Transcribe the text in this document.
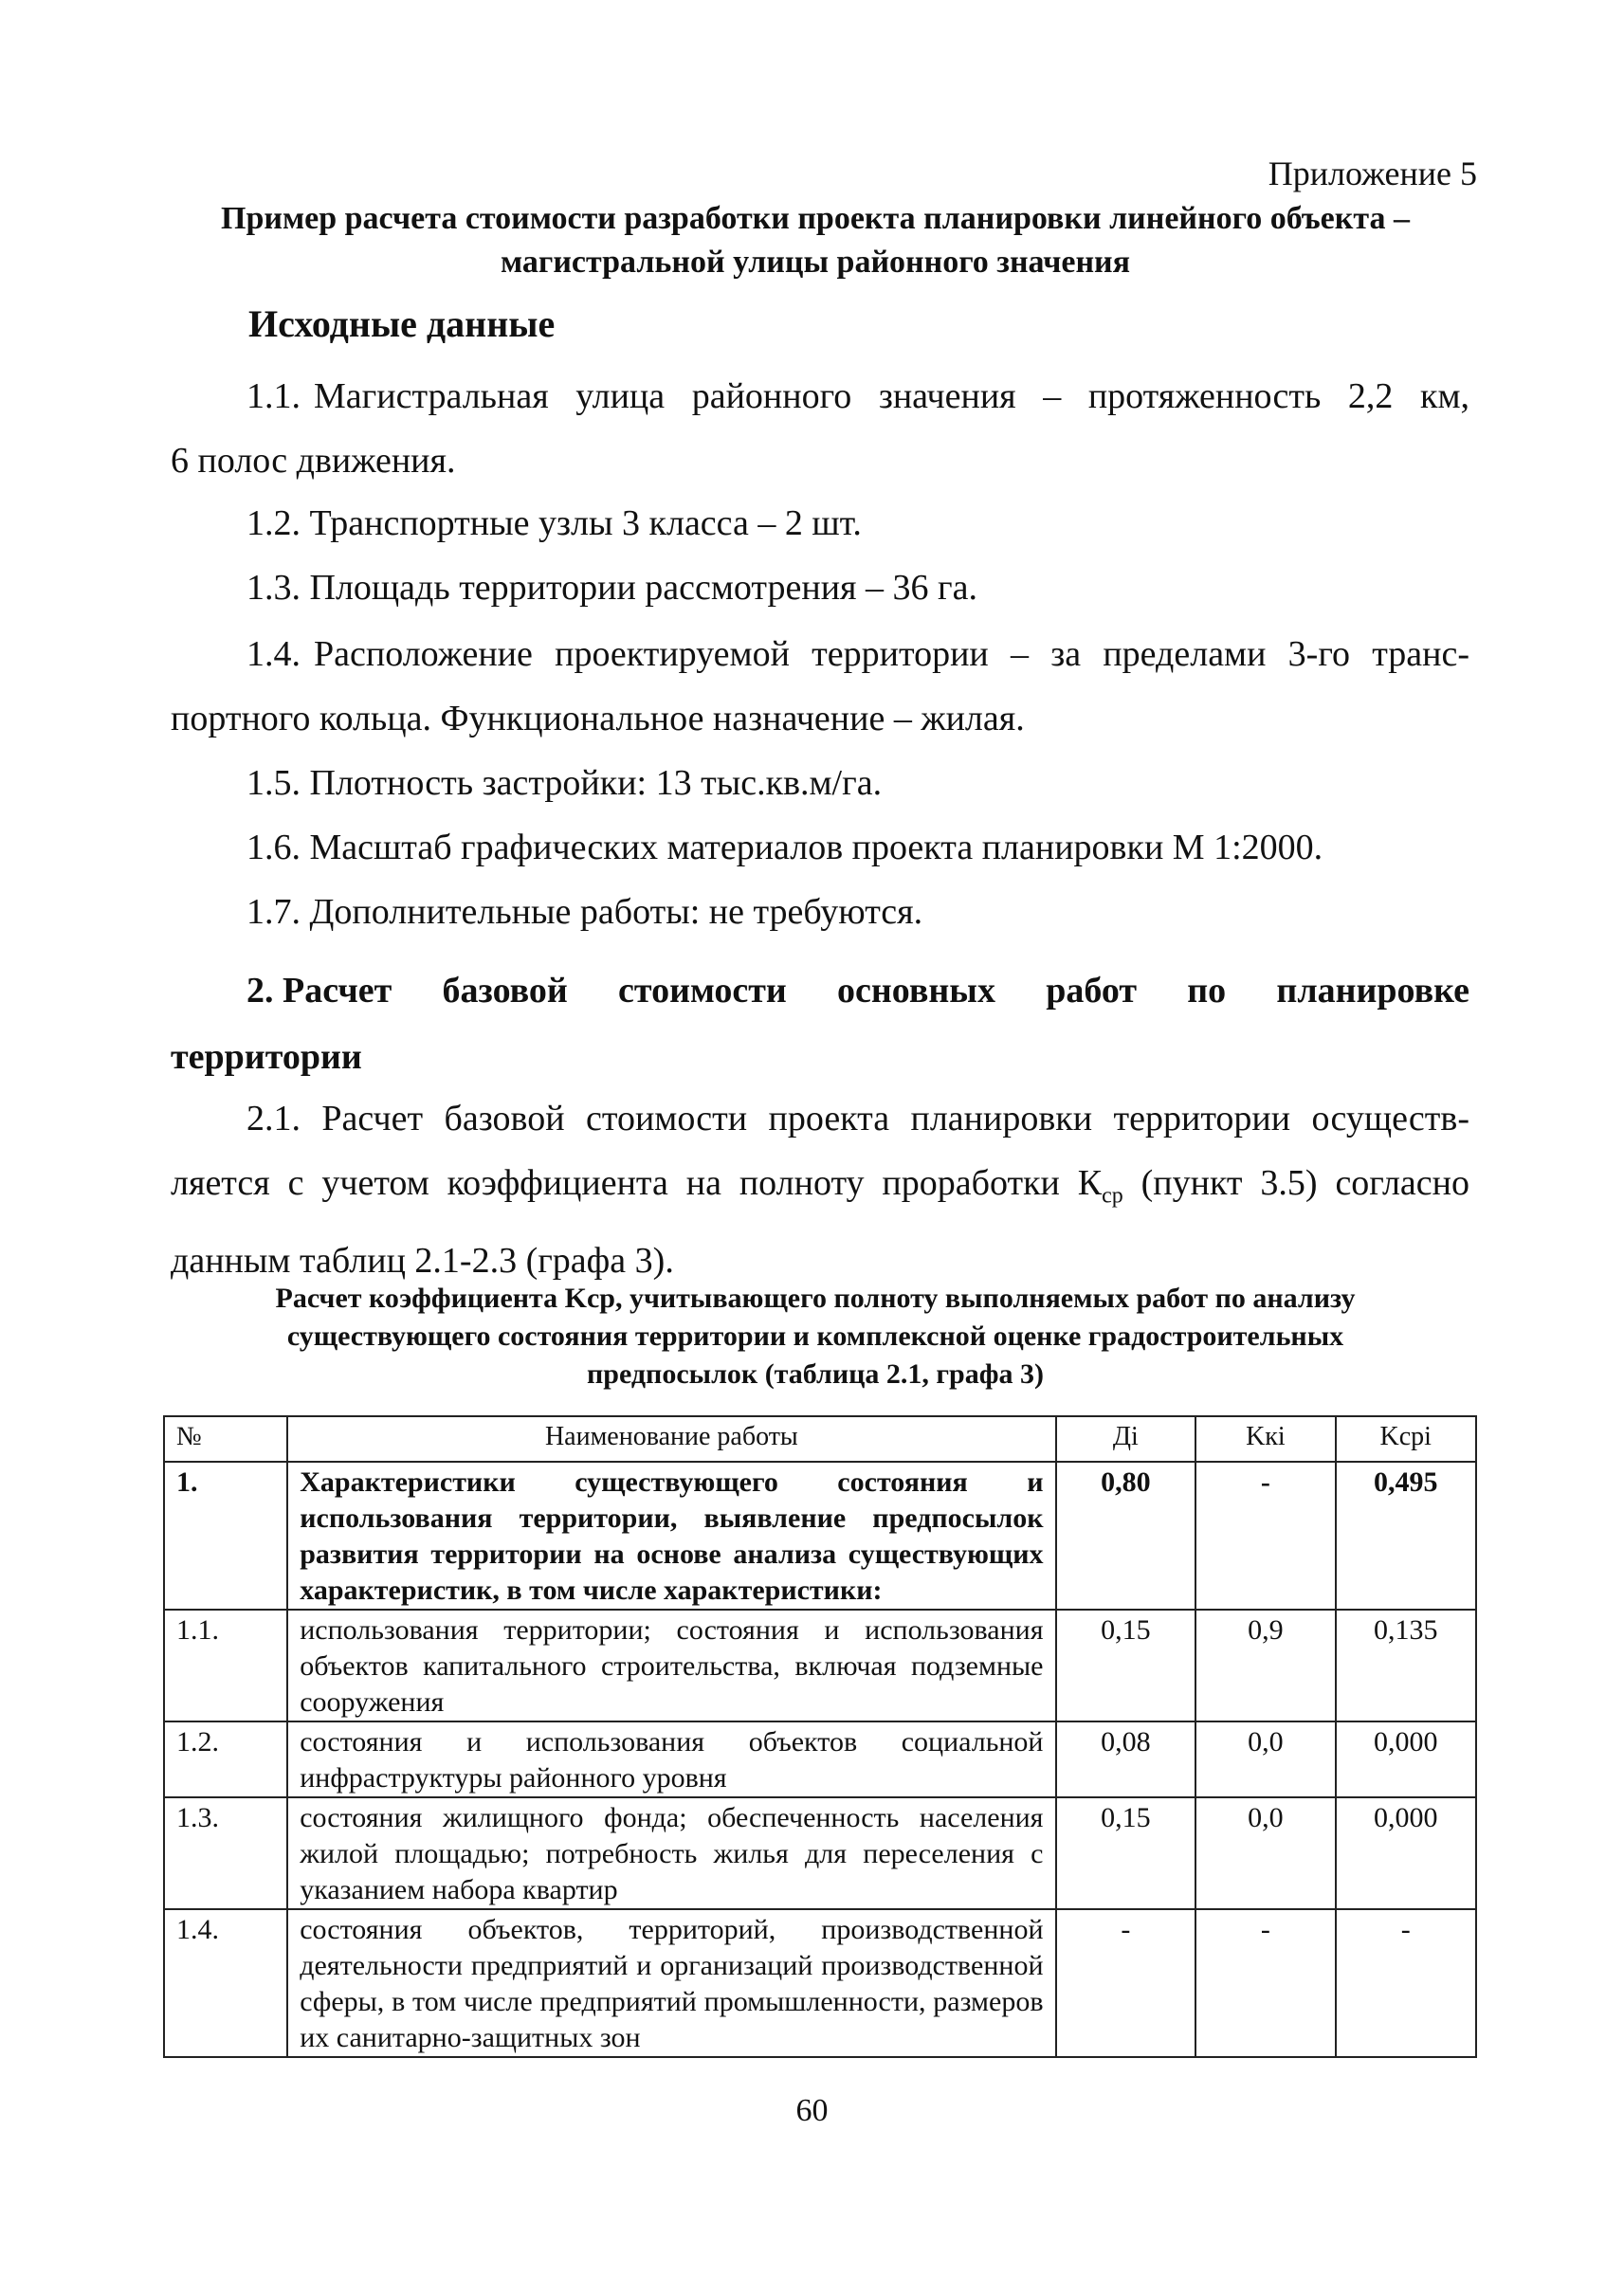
Приложение 5
Пример расчета стоимости разработки проекта планировки линейного объекта –
магистральной улицы районного значения
Исходные данные
1.1. Магистральная улица районного значения – протяженность 2,2 км,
6 полос движения.
1.2. Транспортные узлы 3 класса – 2 шт.
1.3. Площадь территории рассмотрения – 36 га.
1.4. Расположение проектируемой территории – за пределами 3-го транс-
портного кольца. Функциональное назначение – жилая.
1.5. Плотность застройки: 13 тыс.кв.м/га.
1.6. Масштаб графических материалов проекта планировки М 1:2000.
1.7. Дополнительные работы: не требуются.
2. Расчет базовой стоимости основных работ по планировке
территории
2.1. Расчет базовой стоимости проекта планировки территории осуществ-
ляется с учетом коэффициента на полноту проработки $К_{ср}$ (пункт 3.5) согласно
данным таблиц 2.1-2.3 (графа 3).
Расчет коэффициента Kср, учитывающего полноту выполняемых работ по анализу
существующего состояния территории и комплексной оценке градостроительных
предпосылок (таблица 2.1, графа 3)
№	Наименование работы	Дi	Kкi	Kсрi
1.	Характеристики существующего состояния и использования территории, выявление предпосылок развития территории на основе анализа существующих характеристик, в том числе характеристики:	0,80	-	0,495
1.1.	использования территории; состояния и использования объектов капитального строительства, включая подземные сооружения	0,15	0,9	0,135
1.2.	состояния и использования объектов социальной инфраструктуры районного уровня	0,08	0,0	0,000
1.3.	состояния жилищного фонда; обеспеченность населения жилой площадью; потребность жилья для переселения с указанием набора квартир	0,15	0,0	0,000
1.4.	состояния объектов, территорий, производственной деятельности предприятий и организаций производственной сферы, в том числе предприятий промышленности, размеров их санитарно-защитных зон	-	-	-
60
